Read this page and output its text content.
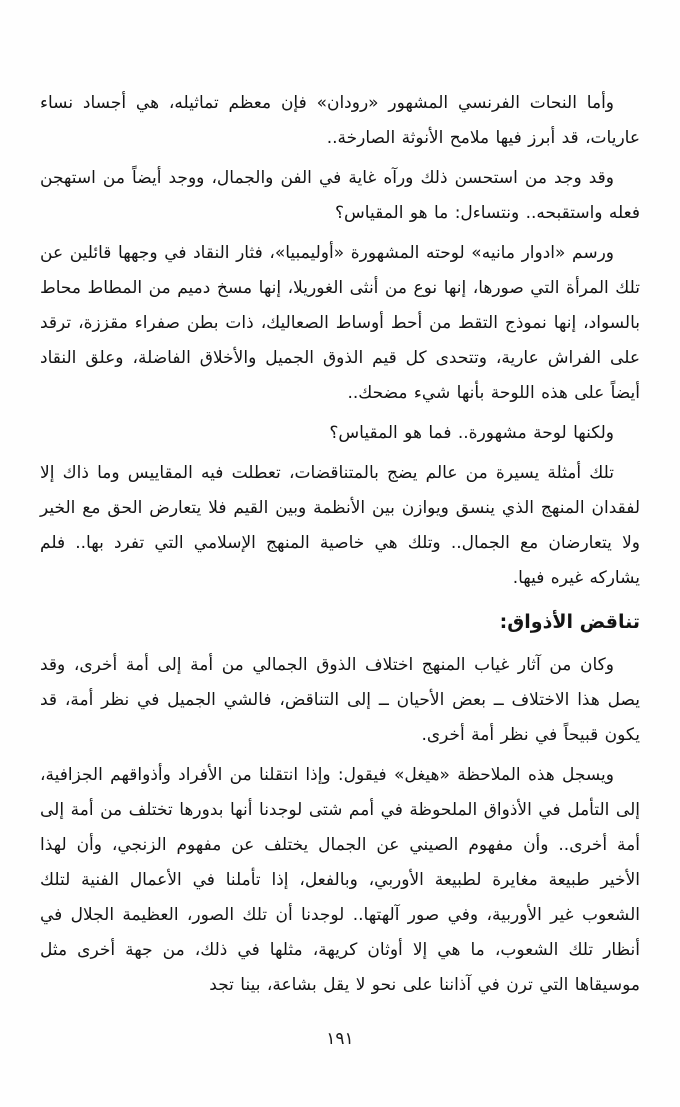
وأما النحات الفرنسي المشهور «رودان» فإن معظم تماثيله، هي أجساد نساء عاريات، قد أبرز فيها ملامح الأنوثة الصارخة..

وقد وجد من استحسن ذلك ورآه غاية في الفن والجمال، ووجد أيضاً من استهجن فعله واستقبحه.. ونتساءل: ما هو المقياس؟

ورسم «ادوار مانيه» لوحته المشهورة «أوليمبيا»، فثار النقاد في وجهها قائلين عن تلك المرأة التي صورها، إنها نوع من أنثى الغوريلا، إنها مسخ دميم من المطاط محاط بالسواد، إنها نموذج التقط من أحط أوساط الصعاليك، ذات بطن صفراء مقززة، ترقد على الفراش عارية، وتتحدى كل قيم الذوق الجميل والأخلاق الفاضلة، وعلق النقاد أيضاً على هذه اللوحة بأنها شيء مضحك..

ولكنها لوحة مشهورة.. فما هو المقياس؟

تلك أمثلة يسيرة من عالم يضج بالمتناقضات، تعطلت فيه المقاييس وما ذاك إلا لفقدان المنهج الذي ينسق ويوازن بين الأنظمة وبين القيم فلا يتعارض الحق مع الخير ولا يتعارضان مع الجمال.. وتلك هي خاصية المنهج الإسلامي التي تفرد بها.. فلم يشاركه غيره فيها.

تناقض الأذواق:

وكان من آثار غياب المنهج اختلاف الذوق الجمالي من أمة إلى أمة أخرى، وقد يصل هذا الاختلاف ــ بعض الأحيان ــ إلى التناقض، فالشي الجميل في نظر أمة، قد يكون قبيحاً في نظر أمة أخرى.

ويسجل هذه الملاحظة «هيغل» فيقول: وإذا انتقلنا من الأفراد وأذواقهم الجزافية، إلى التأمل في الأذواق الملحوظة في أمم شتى لوجدنا أنها بدورها تختلف من أمة إلى أمة أخرى.. وأن مفهوم الصيني عن الجمال يختلف عن مفهوم الزنجي، وأن لهذا الأخير طبيعة مغايرة لطبيعة الأوربي، وبالفعل، إذا تأملنا في الأعمال الفنية لتلك الشعوب غير الأوربية، وفي صور آلهتها.. لوجدنا أن تلك الصور، العظيمة الجلال في أنظار تلك الشعوب، ما هي إلا أوثان كريهة، مثلها في ذلك، من جهة أخرى مثل موسيقاها التي ترن في آذاننا على نحو لا يقل بشاعة، بينا تجد

١٩١
